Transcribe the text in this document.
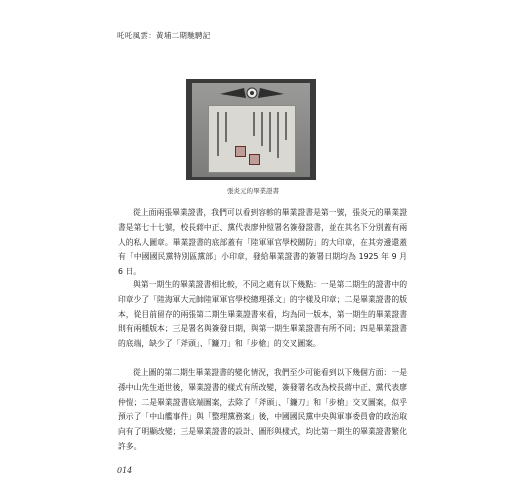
吒吒風雲：黃埔二期馳騁記
張炎元的畢業證書

從上面兩張畢業證書，我們可以看到容軫的畢業證書是第一號，張炎元的畢業證書是第七十七號，校長蔣中正、黨代表廖仲愷署名簽發證書，並在其名下分別蓋有兩人的私人圖章。畢業證書的底部蓋有「陸軍軍官學校關防」的大印章，在其旁邊還蓋有「中國國民黨特別區黨部」小印章，發給畢業證書的簽署日期均為 1925 年 9 月 6 日。

與第一期生的畢業證書相比較，不同之處有以下幾點：一是第二期生的證書中的印章少了「陸海軍大元帥陸軍軍官學校總理孫文」的字樣及印章；二是畢業證書的版本，從目前留存的兩張第二期生畢業證書來看，均為同一版本，第一期生的畢業證書則有兩種版本；三是署名與簽發日期，與第一期生畢業證書有所不同；四是畢業證書的底端，缺少了「斧頭」、「鐮刀」和「步槍」的交叉圖案。

從上圖的第二期生畢業證書的變化情況，我們至少可能看到以下幾個方面：一是孫中山先生逝世後，畢業證書的樣式有所改變，簽發署名改為校長蔣中正、黨代表廖仲愷；二是畢業證書底端圖案，去除了「斧頭」、「鐮刀」和「步槍」交叉圖案，似乎預示了「中山艦事件」與「整理黨務案」後，中國國民黨中央與軍事委員會的政治取向有了明顯改變；三是畢業證書的設計、圖形與樣式，均比第一期生的畢業證書繁化許多。

014
